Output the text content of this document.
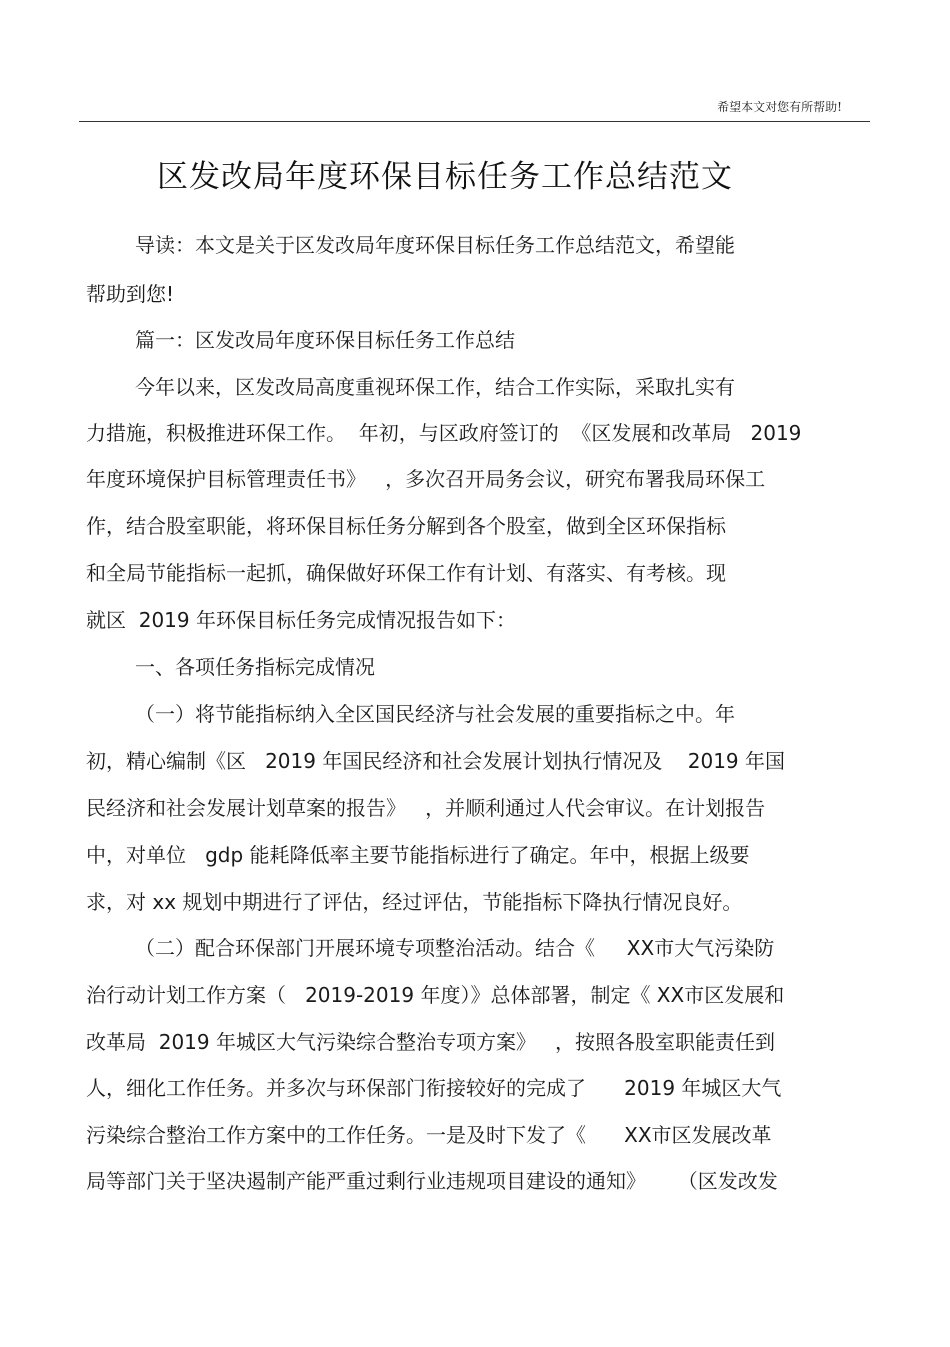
希望本文对您有所帮助!
区发改局年度环保目标任务工作总结范文
导读：本文是关于区发改局年度环保目标任务工作总结范文，希望能
帮助到您!
篇一：区发改局年度环保目标任务工作总结
今年以来，区发改局高度重视环保工作，结合工作实际，采取扎实有
力措施，积极推进环保工作。  年初，与区政府签订的  《区发展和改革局   2019
年度环境保护目标管理责任书》   ，多次召开局务会议，研究布署我局环保工
作，结合股室职能，将环保目标任务分解到各个股室，做到全区环保指标
和全局节能指标一起抓，确保做好环保工作有计划、有落实、有考核。现
就区  2019 年环保目标任务完成情况报告如下：
一、各项任务指标完成情况
（一）将节能指标纳入全区国民经济与社会发展的重要指标之中。年
初，精心编制《区   2019 年国民经济和社会发展计划执行情况及    2019 年国
民经济和社会发展计划草案的报告》   ，并顺利通过人代会审议。在计划报告
中，对单位   gdp 能耗降低率主要节能指标进行了确定。年中，根据上级要
求，对 xx 规划中期进行了评估，经过评估，节能指标下降执行情况良好。
（二）配合环保部门开展环境专项整治活动。结合《     XX市大气污染防
治行动计划工作方案（   2019-2019 年度）》总体部署，制定《 XX市区发展和
改革局  2019 年城区大气污染综合整治专项方案》   ，按照各股室职能责任到
人，细化工作任务。并多次与环保部门衔接较好的完成了      2019 年城区大气
污染综合整治工作方案中的工作任务。一是及时下发了《      XX市区发展改革
局等部门关于坚决遏制产能严重过剩行业违规项目建设的通知》     （区发改发
